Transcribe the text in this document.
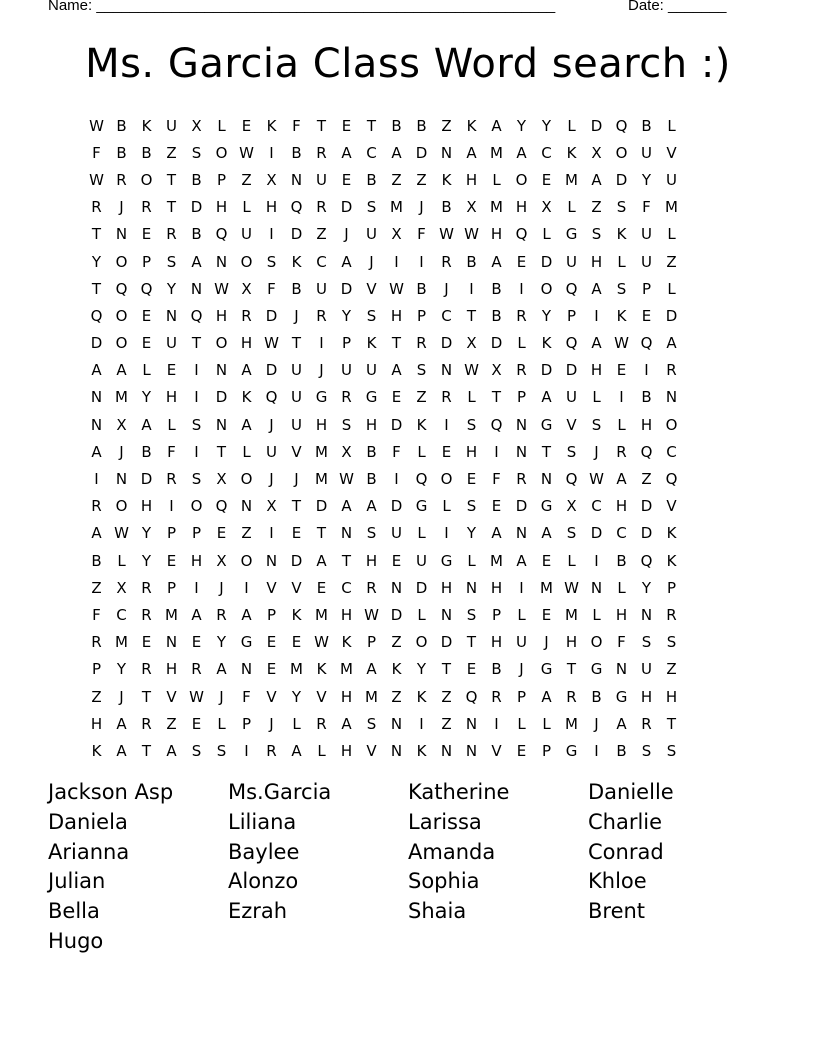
Name: _______________________________________________________

	Date: _______

Ms. Garcia Class Word search :)
W B K U X	L	E	K	F	T	E	T	B B Z K A	Y	Y	L	D Q B	L
F	B B Z	S O W	I	B R A C A D N A M A C K X O U V
W R O T	B	P	Z X N U E	B Z Z K H	L O E M A D Y U
R	J	R	T D H	L	H Q R D S M	J	B X M H X	L	Z	S	F M
T N E	R B Q U	I	D Z	J	U X	F W W H Q L	G S	K U	L
Y O P	S	A N O S	K C A	J	I	I	R B A	E D U H	L	U Z
T Q Q Y N W X	F	B U D V W B	J	I	B	I	O Q A	S	P	L
Q O E N Q H R D	J	R	Y	S H P	C	T	B R	Y	P	I	K	E D
D O E U T O H W T	I	P	K	T	R D X D	L	K Q A W Q A
A A	L	E	I	N A D U	J	U U A	S N W X R D D H E	I	R
N M Y H	I	D K Q U G R G E	Z R	L	T	P	A U	L	I	B N
N X A	L	S N A	J	U H S H D K	I	S Q N G V	S	L	H O
A	J	B	F	I	T	L	U V M X B	F	L	E H	I	N T	S	J	R Q C
I	N D R	S	X O	J	J	M W B	I	Q O E	F	R N Q W A Z Q
R O H	I	O Q N X	T D A A D G	L	S	E D G X C H D V
A W Y	P	P	E	Z	I	E	T N S U	L	I	Y	A N A	S D C D K
B	L	Y	E H X O N D A	T H E U G	L M A	E	L	I	B Q K
Z X R	P	I	J	I	V V	E	C R N D H N H	I	M W N	L	Y	P
F	C R M A R A	P	K M H W D	L	N S	P	L	E M L	H N R
R M E N E	Y G E	E W K	P	Z O D T H U	J	H O F	S	S
P	Y	R H R A N E M K M A K	Y	T	E	B	J	G T G N U Z
Z	J	T	V W	J	F	V	Y	V H M Z K Z Q R	P	A R B G H H
H A R Z	E	L	P	J	L	R A	S N	I	Z N	I	L	L M	J	A R	T
K A	T	A	S	S	I	R A	L	H V N K N N V	E	P G	I	B	S	S
Jackson Asp	Ms.Garcia	Katherine	Danielle
Daniela	Liliana	Larissa	Charlie
Arianna	Baylee	Amanda	Conrad
Julian	Alonzo	Sophia	Khloe
Bella	Ezrah	Shaia	Brent
Hugo
